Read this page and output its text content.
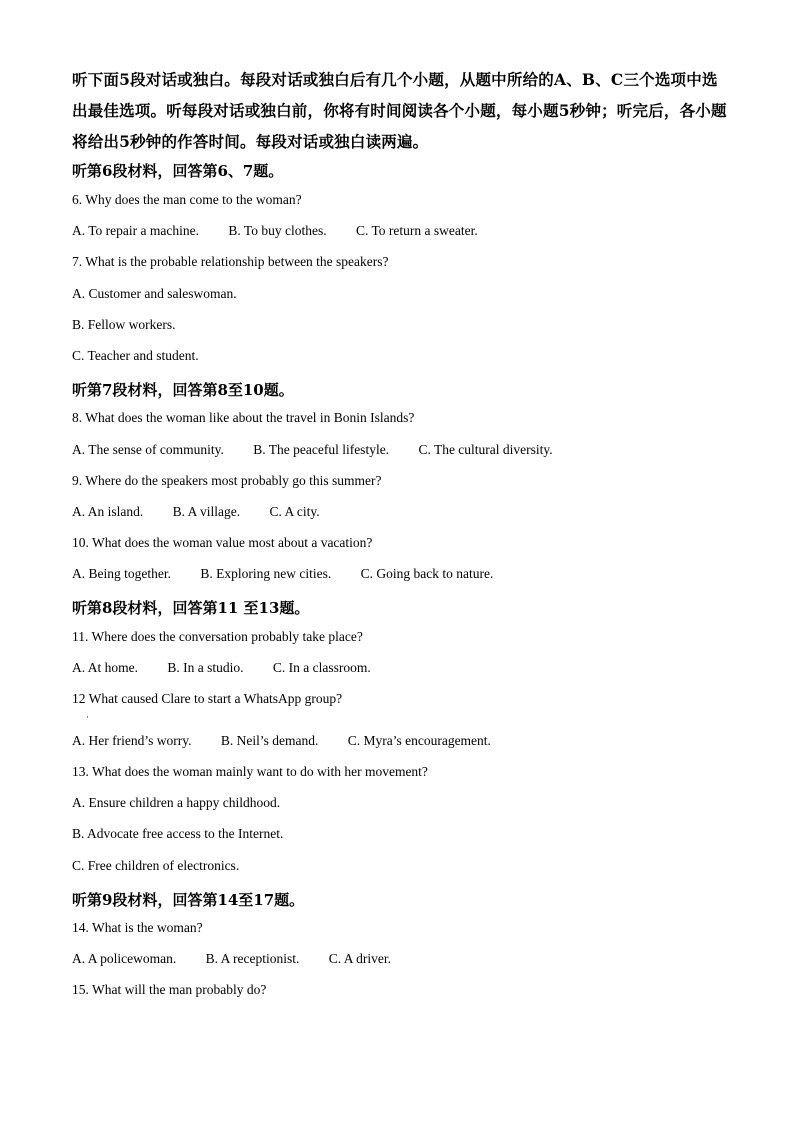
听下面5段对话或独白。每段对话或独白后有几个小题，从题中所给的A、B、C三个选项中选出最佳选项。听每段对话或独白前，你将有时间阅读各个小题，每小题5秒钟；听完后，各小题将给出5秒钟的作答时间。每段对话或独白读两遍。
听第6段材料，回答第6、7题。
6. Why does the man come to the woman?
A. To repair a machine. B. To buy clothes. C. To return a sweater.
7. What is the probable relationship between the speakers?
A. Customer and saleswoman.
B. Fellow workers.
C. Teacher and student.
听第7段材料，回答第8至10题。
8. What does the woman like about the travel in Bonin Islands?
A. The sense of community. B. The peaceful lifestyle. C. The cultural diversity.
9. Where do the speakers most probably go this summer?
A. An island. B. A village. C. A city.
10. What does the woman value most about a vacation?
A. Being together. B. Exploring new cities. C. Going back to nature.
听第8段材料，回答第11 至13题。
11. Where does the conversation probably take place?
A. At home. B. In a studio. C. In a classroom.
12 What caused Clare to start a WhatsApp group?
·
A. Her friend’s worry. B. Neil’s demand. C. Myra’s encouragement.
13. What does the woman mainly want to do with her movement?
A. Ensure children a happy childhood.
B. Advocate free access to the Internet.
C. Free children of electronics.
听第9段材料，回答第14至17题。
14. What is the woman?
A. A policewoman. B. A receptionist. C. A driver.
15. What will the man probably do?
